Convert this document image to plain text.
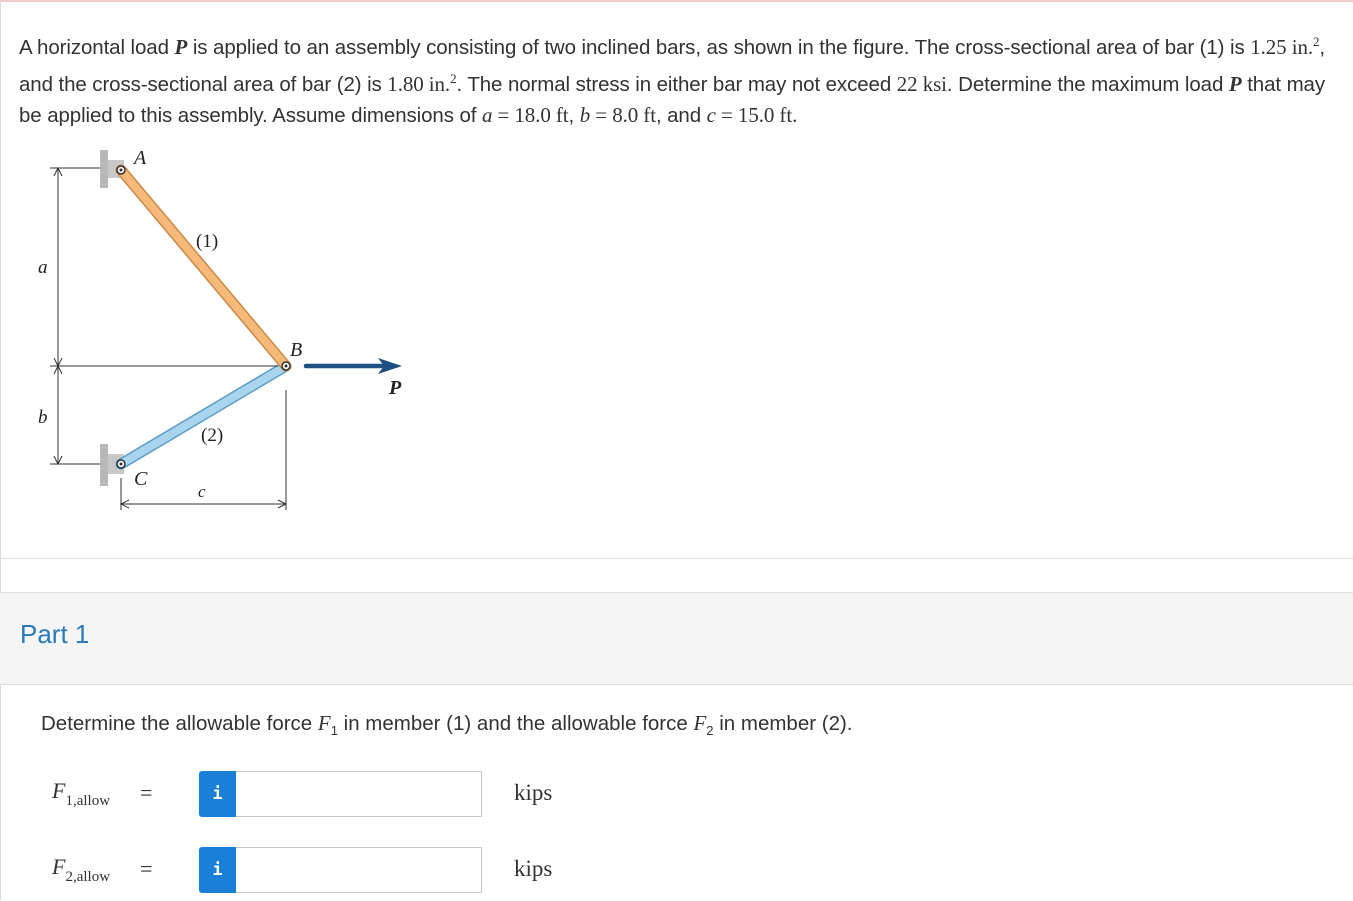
A horizontal load P is applied to an assembly consisting of two inclined bars, as shown in the figure. The cross-sectional area of bar (1) is 1.25 in.$^2$, and the cross-sectional area of bar (2) is 1.80 in.$^2$. The normal stress in either bar may not exceed 22 ksi. Determine the maximum load P that may be applied to this assembly. Assume dimensions of a = 18.0 ft, b = 8.0 ft, and c = 15.0 ft.
A
(1)
a
B
P
b
(2)
C
c
Part 1
Determine the allowable force $F_1$ in member (1) and the allowable force $F_2$ in member (2).
$F_{1,allow}$ =	i	kips
$F_{2,allow}$ =	i	kips
